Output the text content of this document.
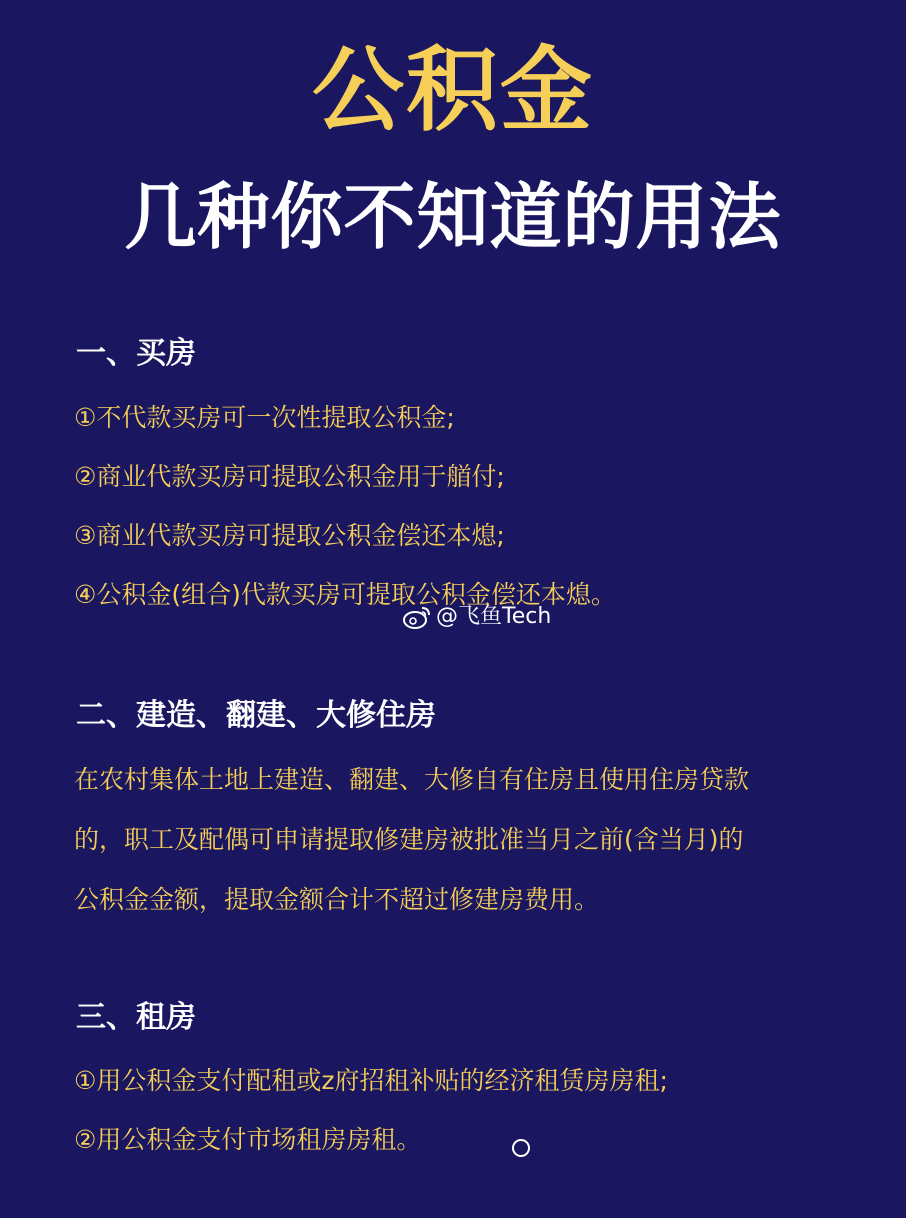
公积金
几种你不知道的用法
一、买房
①不代款买房可一次性提取公积金;
②商业代款买房可提取公积金用于艏付;
③商业代款买房可提取公积金偿还本熄;
④公积金(组合)代款买房可提取公积金偿还本熄。
@飞鱼Tech
二、建造、翻建、大修住房
在农村集体土地上建造、翻建、大修自有住房且使用住房贷款
的，职工及配偶可申请提取修建房被批准当月之前(含当月)的
公积金金额，提取金额合计不超过修建房费用。
三、租房
①用公积金支付配租或z府招租补贴的经济租赁房房租;
②用公积金支付市场租房房租。
